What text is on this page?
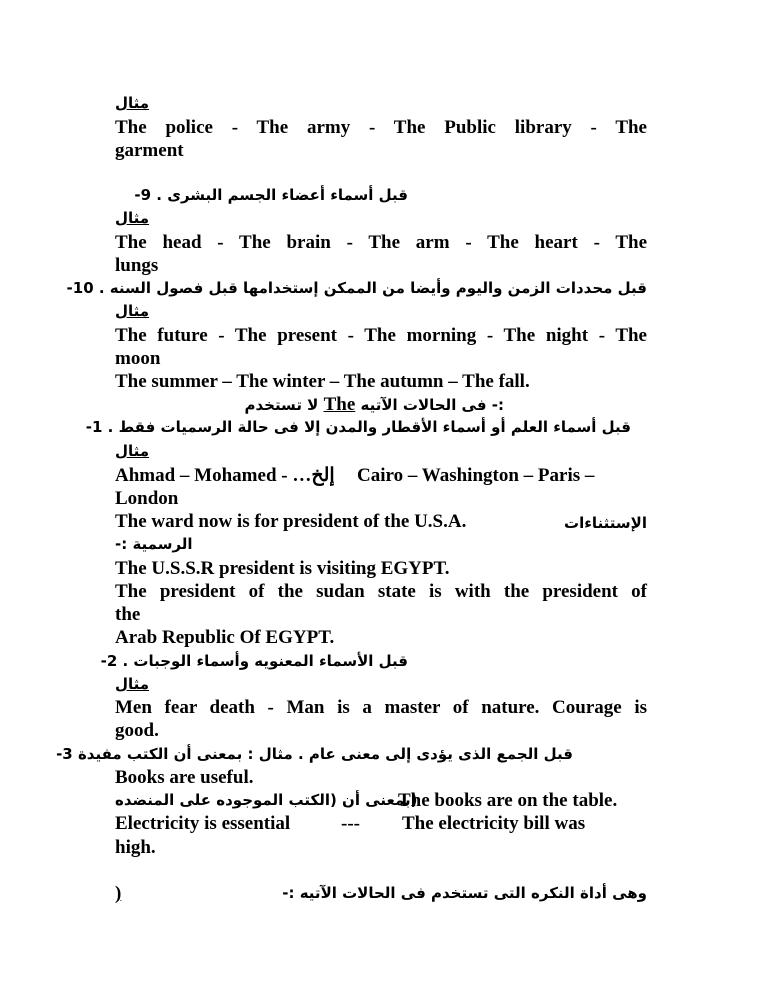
مثال
The police - The army - The Public library - The
garment
قبل أسماء أعضاء الجسم البشرى . 9-
مثال
The head - The brain - The arm - The heart - The
lungs
قبل محددات الزمن واليوم وأيضا من الممكن إستخدامها قبل فصول السنه . 10-
مثال
The future - The present - The morning - The night - The
moon
The summer – The winter – The autumn – The fall.
:- فى الحالات الآتيه The لا تستخدم
قبل أسماء العلم أو أسماء الأقطار والمدن إلا فى حالة الرسميات فقط . 1-
مثال
Ahmad – Mohamed - …إلخ Cairo – Washington – Paris –
London
The ward now is for president of the U.S.A.	الإستثناءات
الرسمية :-
The U.S.S.R president is visiting EGYPT.
The president of the sudan state is with the president of
the
Arab Republic Of EGYPT.
قبل الأسماء المعنويه وأسماء الوجبات . 2-
مثال
Men fear death - Man is a master of nature. Courage is
good.
قبل الجمع الذى يؤدى إلى معنى عام . مثال : بمعنى أن الكتب مفيدة 3-
Books are useful.
(بمعنى أن (الكتب الموجوده على المنضده
The books are on the table.
Electricity is essential	--- The electricity bill was
high.
)	وهى أداة النكره التى تستخدم فى الحالات الآتيه :-
